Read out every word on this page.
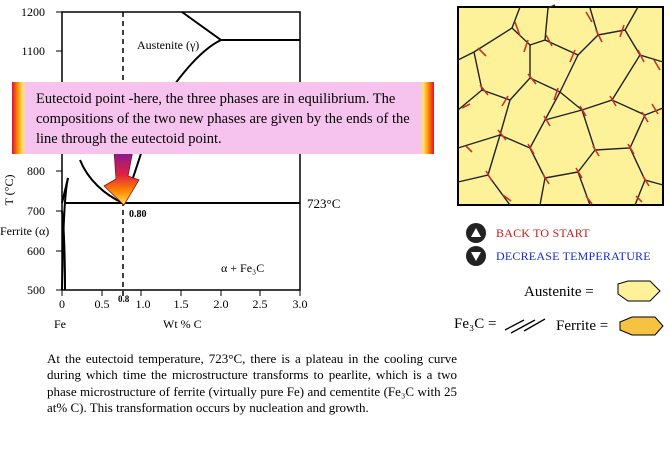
1200
1100
800
700
600
500
0 0.5 1.0 1.5 2.0 2.5 3.0
Austenite (γ)
723°C
0.80
0.8
Ferrite (α)
α + Fe₃C
Fe	Wt % C
T (°C)
Eutectoid point -here, the three phases are in equilibrium. The compositions of the two new phases are given by the ends of the line through the eutectoid point.
BACK TO START
DECREASE TEMPERATURE
Austenite =
Ferrite =
Fe₃C =
At the eutectoid temperature, 723°C, there is a plateau in the cooling curve during which time the microstructure transforms to pearlite, which is a two phase microstructure of ferrite (virtually pure Fe) and cementite (Fe₃C with 25 at% C). This transformation occurs by nucleation and growth.
